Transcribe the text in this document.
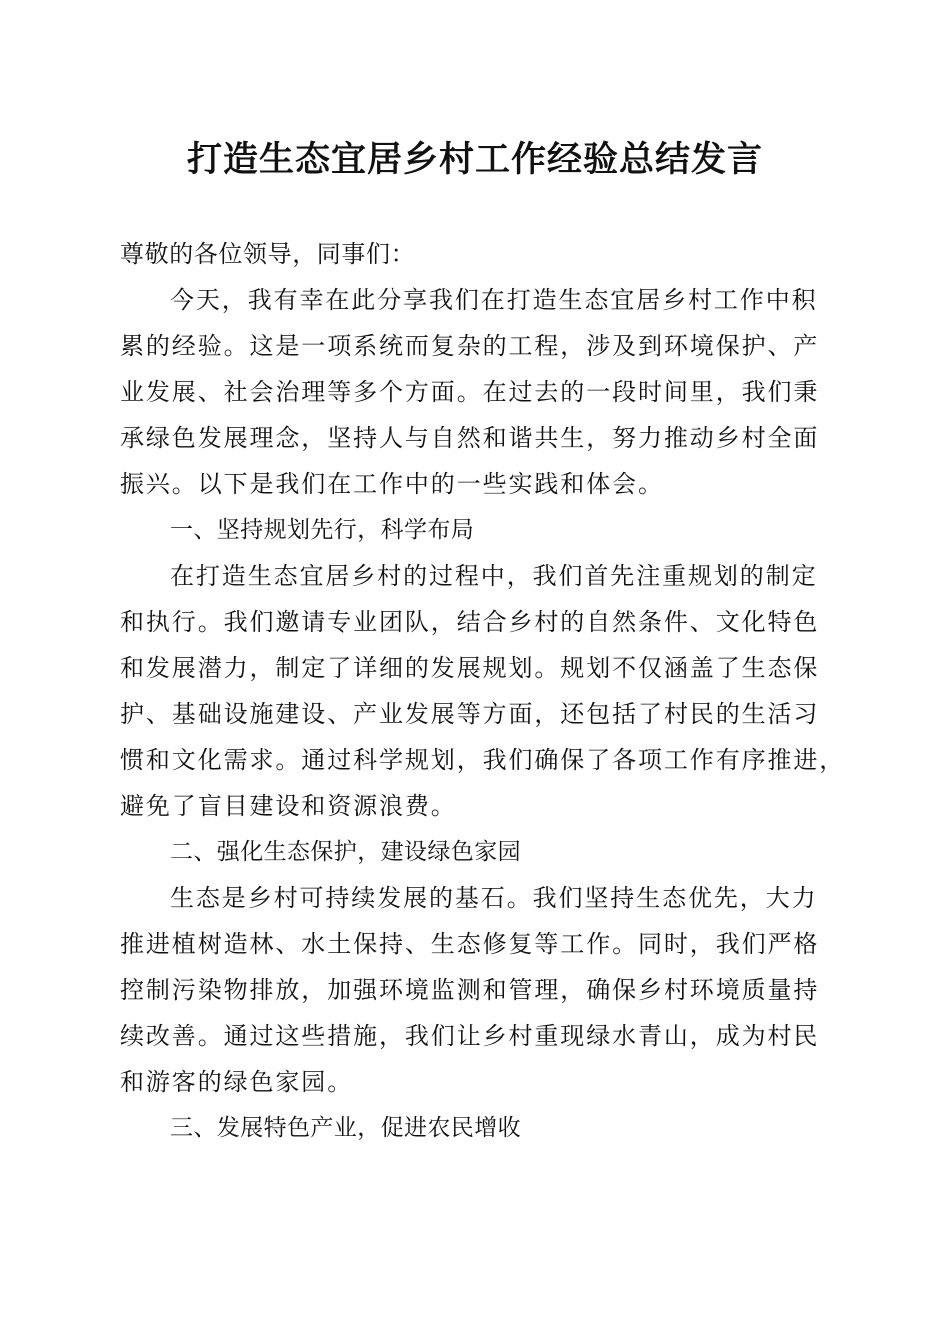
打造生态宜居乡村工作经验总结发言

尊敬的各位领导，同事们：

今天，我有幸在此分享我们在打造生态宜居乡村工作中积

累的经验。这是一项系统而复杂的工程，涉及到环境保护、产

业发展、社会治理等多个方面。在过去的一段时间里，我们秉

承绿色发展理念，坚持人与自然和谐共生，努力推动乡村全面

振兴。以下是我们在工作中的一些实践和体会。

一、坚持规划先行，科学布局

在打造生态宜居乡村的过程中，我们首先注重规划的制定

和执行。我们邀请专业团队，结合乡村的自然条件、文化特色

和发展潜力，制定了详细的发展规划。规划不仅涵盖了生态保

护、基础设施建设、产业发展等方面，还包括了村民的生活习

惯和文化需求。通过科学规划，我们确保了各项工作有序推进，

避免了盲目建设和资源浪费。

二、强化生态保护，建设绿色家园

生态是乡村可持续发展的基石。我们坚持生态优先，大力

推进植树造林、水土保持、生态修复等工作。同时，我们严格

控制污染物排放，加强环境监测和管理，确保乡村环境质量持

续改善。通过这些措施，我们让乡村重现绿水青山，成为村民

和游客的绿色家园。

三、发展特色产业，促进农民增收
